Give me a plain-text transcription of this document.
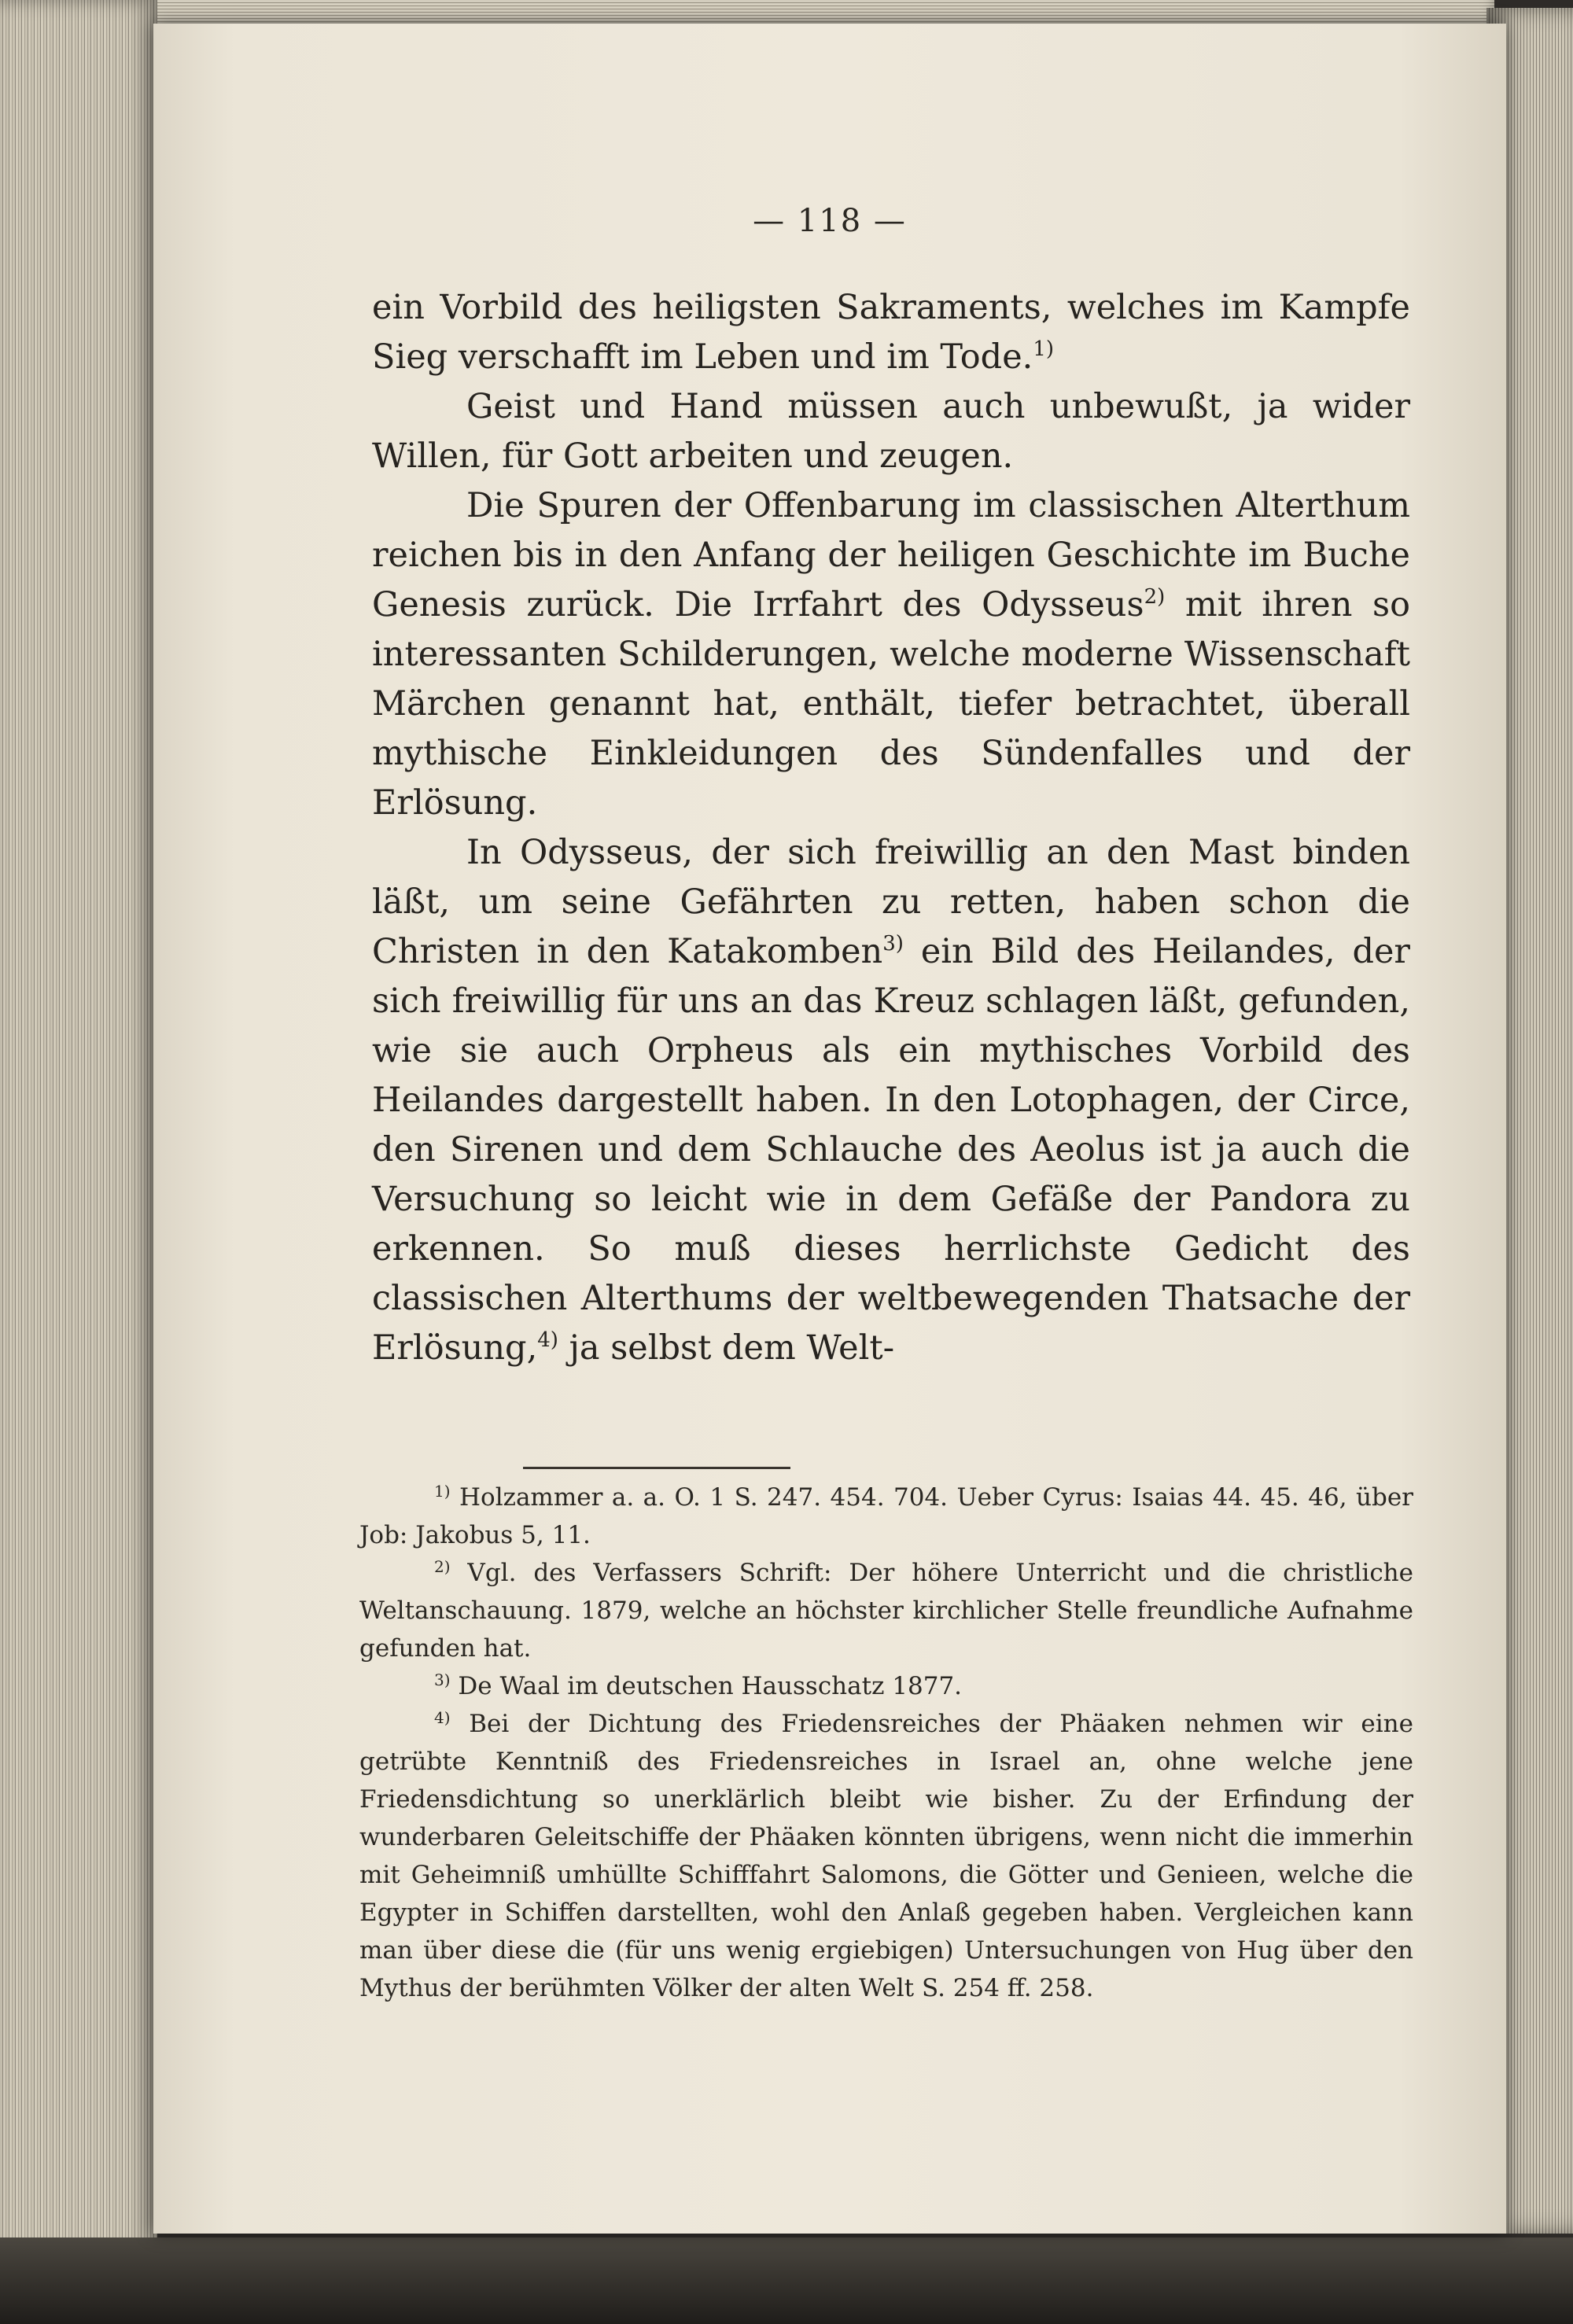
— 118 —

ein Vorbild des heiligsten Sakraments, welches im Kampfe Sieg verschafft im Leben und im Tode.$^{1)}$

Geist und Hand müssen auch unbewußt, ja wider Willen, für Gott arbeiten und zeugen.

Die Spuren der Offenbarung im classischen Alterthum reichen bis in den Anfang der heiligen Geschichte im Buche Genesis zurück. Die Irrfahrt des Odysseus$^{2)}$ mit ihren so interessanten Schilderungen, welche moderne Wissenschaft Märchen genannt hat, enthält, tiefer betrachtet, überall mythische Einkleidungen des Sündenfalles und der Erlösung.

In Odysseus, der sich freiwillig an den Mast binden läßt, um seine Gefährten zu retten, haben schon die Christen in den Katakomben$^{3)}$ ein Bild des Heilandes, der sich freiwillig für uns an das Kreuz schlagen läßt, gefunden, wie sie auch Orpheus als ein mythisches Vorbild des Heilandes dargestellt haben. In den Lotophagen, der Circe, den Sirenen und dem Schlauche des Aeolus ist ja auch die Versuchung so leicht wie in dem Gefäße der Pandora zu erkennen. So muß dieses herrlichste Gedicht des classischen Alterthums der weltbewegenden Thatsache der Erlösung,$^{4)}$ ja selbst dem Welt-

$^{1)}$ Holzammer a. a. O. 1 S. 247. 454. 704. Ueber Cyrus: Isaias 44. 45. 46, über Job: Jakobus 5, 11.

$^{2)}$ Vgl. des Verfassers Schrift: Der höhere Unterricht und die christliche Weltanschauung. 1879, welche an höchster kirchlicher Stelle freundliche Aufnahme gefunden hat.

$^{3)}$ De Waal im deutschen Hausschatz 1877.

$^{4)}$ Bei der Dichtung des Friedensreiches der Phäaken nehmen wir eine getrübte Kenntniß des Friedensreiches in Israel an, ohne welche jene Friedensdichtung so unerklärlich bleibt wie bisher. Zu der Erfindung der wunderbaren Geleitschiffe der Phäaken könnten übrigens, wenn nicht die immerhin mit Geheimniß umhüllte Schifffahrt Salomons, die Götter und Genieen, welche die Egypter in Schiffen darstellten, wohl den Anlaß gegeben haben. Vergleichen kann man über diese die (für uns wenig ergiebigen) Untersuchungen von Hug über den Mythus der berühmten Völker der alten Welt S. 254 ff. 258.
